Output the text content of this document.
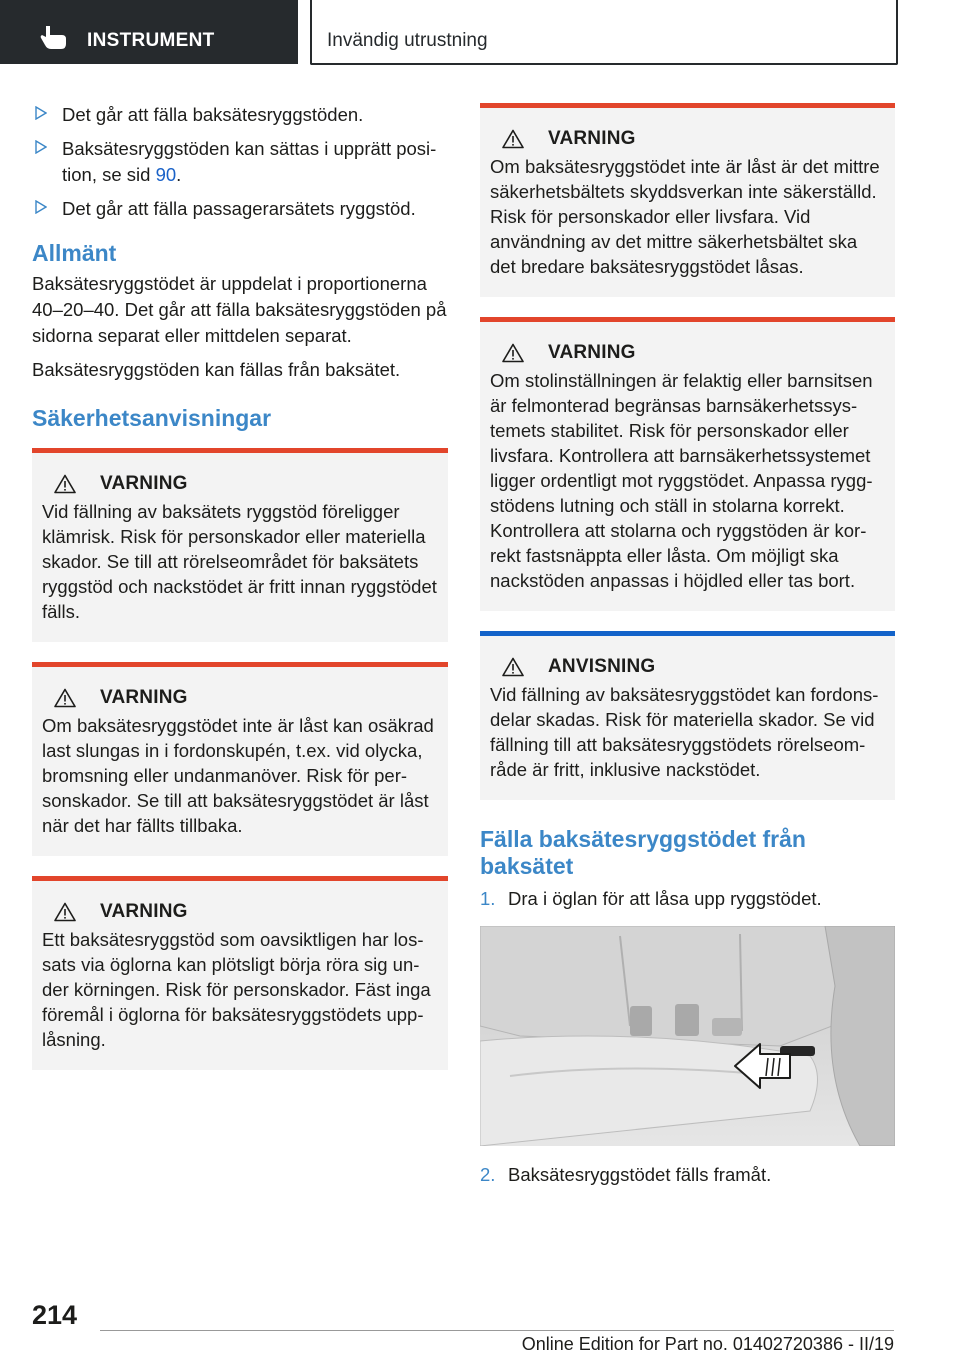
INSTRUMENT	Invändig utrustning
Det går att fälla baksätesryggstöden.
Baksätesryggstöden kan sättas i upprätt position, se sid 90.
Det går att fälla passagerarsätets ryggstöd.
Allmänt

Baksätesryggstödet är uppdelat i proportionerna 40–20–40. Det går att fälla baksätesryggstöden på sidorna separat eller mittdelen separat.

Baksätesryggstöden kan fällas från baksätet.

Säkerhetsanvisningar
VARNING
Vid fällning av baksätets ryggstöd föreligger klämrisk. Risk för personskador eller materiella skador. Se till att rörelseområdet för baksätets ryggstöd och nackstödet är fritt innan ryggstödet fälls.
VARNING
Om baksätesryggstödet inte är låst kan osäkrad last slungas in i fordonskupén, t.ex. vid olycka, bromsning eller undanmanöver. Risk för personskador. Se till att baksätesryggstödet är låst när det har fällts tillbaka.
VARNING
Ett baksätesryggstöd som oavsiktligen har lossats via öglorna kan plötsligt börja röra sig under körningen. Risk för personskador. Fäst inga föremål i öglorna för baksätesryggstödets upplåsning.
VARNING
Om baksätesryggstödet inte är låst är det mittre säkerhetsbältets skyddsverkan inte säkerställd. Risk för personskador eller livsfara. Vid användning av det mittre säkerhetsbältet ska det bredare baksätesryggstödet låsas.
VARNING
Om stolinställningen är felaktig eller barnsitsen är felmonterad begränsas barnsäkerhetssystemets stabilitet. Risk för personskador eller livsfara. Kontrollera att barnsäkerhetssystemet ligger ordentligt mot ryggstödet. Anpassa ryggstödens lutning och ställ in stolarna korrekt. Kontrollera att stolarna och ryggstöden är korrekt fastsnäppta eller låsta. Om möjligt ska nackstöden anpassas i höjdled eller tas bort.
ANVISNING
Vid fällning av baksätesryggstödet kan fordonsdelar skadas. Risk för materiella skador. Se vid fällning till att baksätesryggstödets rörelseområde är fritt, inklusive nackstödet.
Fälla baksätesryggstödet från baksätet
1. Dra i öglan för att låsa upp ryggstödet.
2. Baksätesryggstödet fälls framåt.
214
Online Edition for Part no. 01402720386 - II/19
